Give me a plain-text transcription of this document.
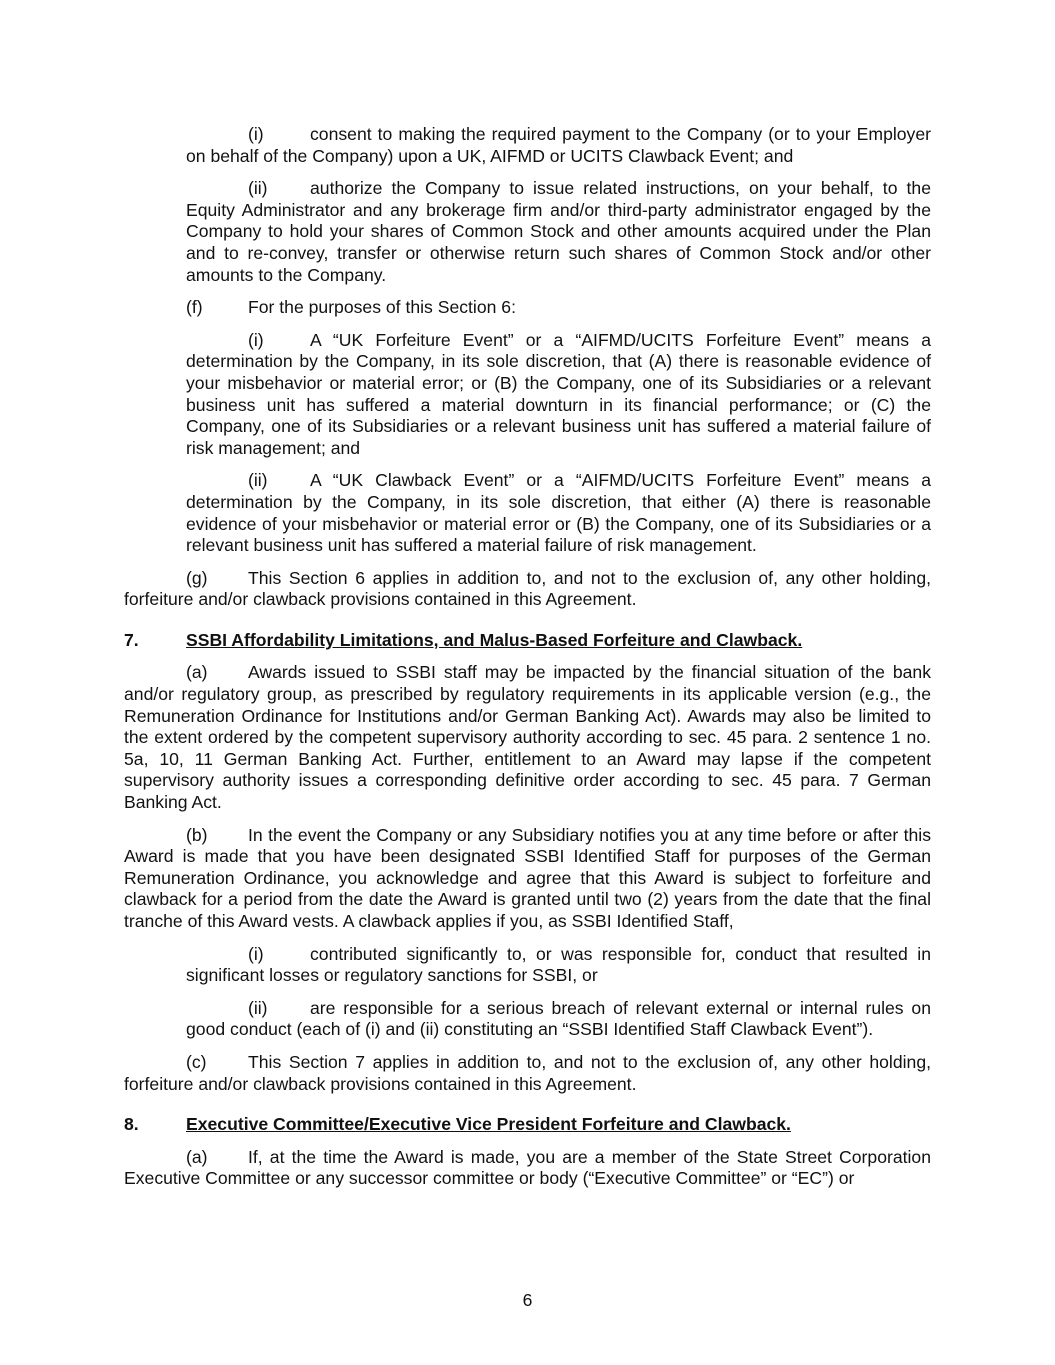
(i)	consent to making the required payment to the Company (or to your Employer on behalf of the Company) upon a UK, AIFMD or UCITS Clawback Event; and

(ii) authorize the Company to issue related instructions, on your behalf, to the Equity Administrator and any brokerage firm and/or third-party administrator engaged by the Company to hold your shares of Common Stock and other amounts acquired under the Plan and to re-convey, transfer or otherwise return such shares of Common Stock and/or other amounts to the Company.

(f)	For the purposes of this Section 6:

(i)	A “UK Forfeiture Event” or a “AIFMD/UCITS Forfeiture Event” means a determination by the Company, in its sole discretion, that (A) there is reasonable evidence of your misbehavior or material error; or (B) the Company, one of its Subsidiaries or a relevant business unit has suffered a material downturn in its financial performance; or (C) the Company, one of its Subsidiaries or a relevant business unit has suffered a material failure of risk management; and

(ii) A “UK Clawback Event” or a “AIFMD/UCITS Forfeiture Event” means a determination by the Company, in its sole discretion, that either (A) there is reasonable evidence of your misbehavior or material error or (B) the Company, one of its Subsidiaries or a relevant business unit has suffered a material failure of risk management.

(g) This Section 6 applies in addition to, and not to the exclusion of, any other holding, forfeiture and/or clawback provisions contained in this Agreement.

7.	SSBI Affordability Limitations, and Malus-Based Forfeiture and Clawback.

(a) Awards issued to SSBI staff may be impacted by the financial situation of the bank and/or regulatory group, as prescribed by regulatory requirements in its applicable version (e.g., the Remuneration Ordinance for Institutions and/or German Banking Act). Awards may also be limited to the extent ordered by the competent supervisory authority according to sec. 45 para. 2 sentence 1 no. 5a, 10, 11 German Banking Act. Further, entitlement to an Award may lapse if the competent supervisory authority issues a corresponding definitive order according to sec. 45 para. 7 German Banking Act.

(b) In the event the Company or any Subsidiary notifies you at any time before or after this Award is made that you have been designated SSBI Identified Staff for purposes of the German Remuneration Ordinance, you acknowledge and agree that this Award is subject to forfeiture and clawback for a period from the date the Award is granted until two (2) years from the date that the final tranche of this Award vests. A clawback applies if you, as SSBI Identified Staff,

(i)	contributed significantly to, or was responsible for, conduct that resulted in significant losses or regulatory sanctions for SSBI, or

(ii) are responsible for a serious breach of relevant external or internal rules on good conduct (each of (i) and (ii) constituting an “SSBI Identified Staff Clawback Event”).

(c) This Section 7 applies in addition to, and not to the exclusion of, any other holding, forfeiture and/or clawback provisions contained in this Agreement.

8.	Executive Committee/Executive Vice President Forfeiture and Clawback.

(a) If, at the time the Award is made, you are a member of the State Street Corporation Executive Committee or any successor committee or body (“Executive Committee” or “EC”) or

6
